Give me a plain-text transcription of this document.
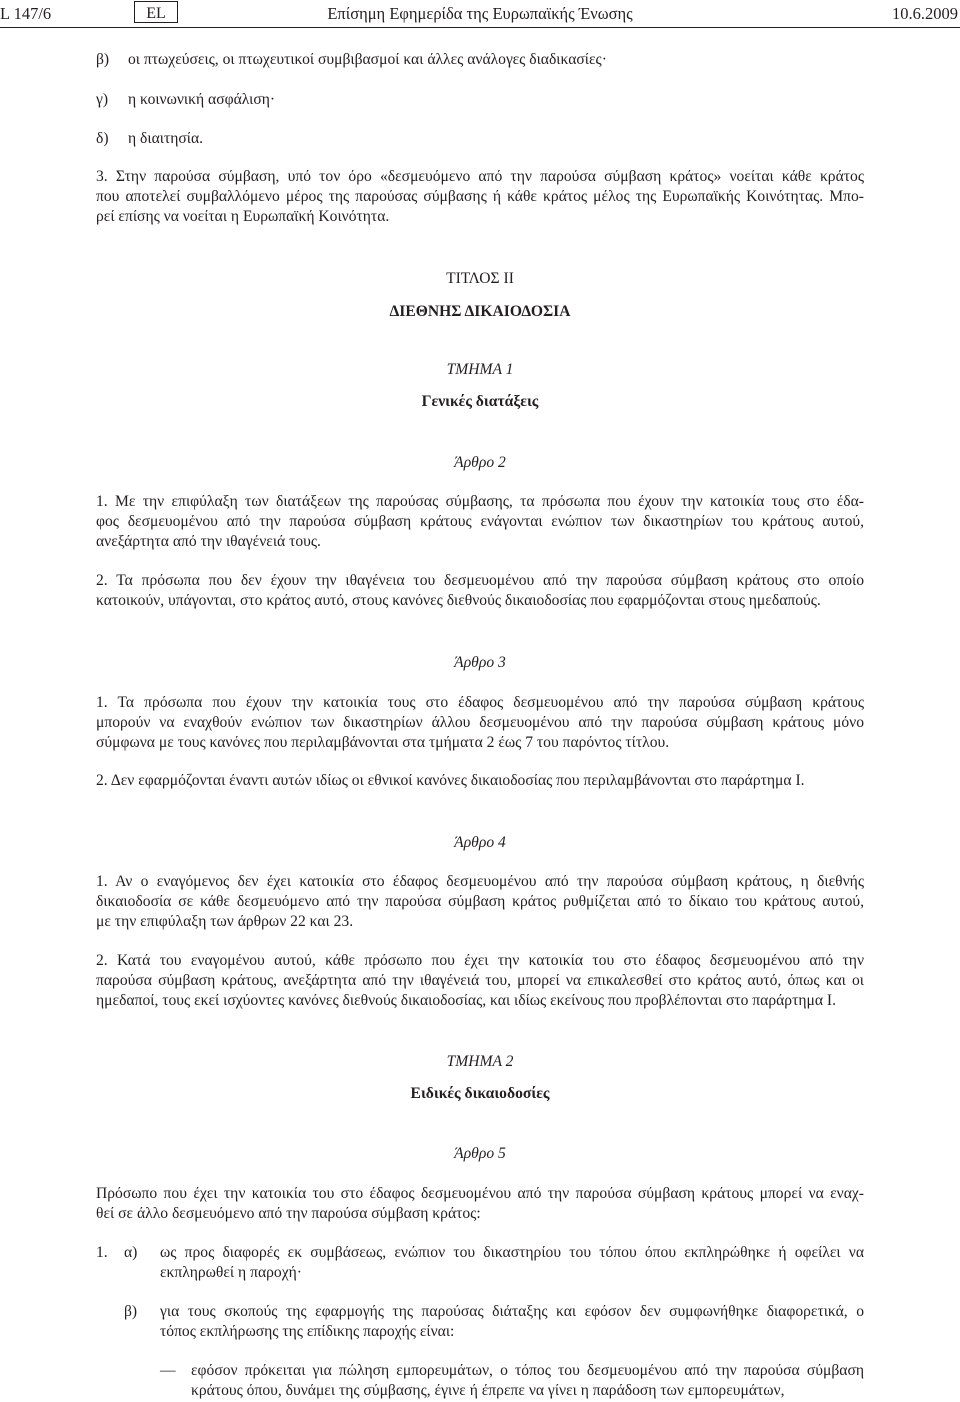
L 147/6	EL	Επίσημη Εφημερίδα της Ευρωπαϊκής Ένωσης	10.6.2009
β) οι πτωχεύσεις, οι πτωχευτικοί συμβιβασμοί και άλλες ανάλογες διαδικασίες·
γ) η κοινωνική ασφάλιση·
δ) η διαιτησία.
3. Στην παρούσα σύμβαση, υπό τον όρο «δεσμευόμενο από την παρούσα σύμβαση κράτος» νοείται κάθε κράτος
που αποτελεί συμβαλλόμενο μέρος της παρούσας σύμβασης ή κάθε κράτος μέλος της Ευρωπαϊκής Κοινότητας. Μπο-
ρεί επίσης να νοείται η Ευρωπαϊκή Κοινότητα.
ΤΙΤΛΟΣ II
ΔΙΕΘΝΗΣ ΔΙΚΑΙΟΔΟΣΙΑ
ΤΜΗΜΑ 1
Γενικές διατάξεις
Άρθρο 2
1. Με την επιφύλαξη των διατάξεων της παρούσας σύμβασης, τα πρόσωπα που έχουν την κατοικία τους στο έδα-
φος δεσμευομένου από την παρούσα σύμβαση κράτους ενάγονται ενώπιον των δικαστηρίων του κράτους αυτού,
ανεξάρτητα από την ιθαγένειά τους.
2. Τα πρόσωπα που δεν έχουν την ιθαγένεια του δεσμευομένου από την παρούσα σύμβαση κράτους στο οποίο
κατοικούν, υπάγονται, στο κράτος αυτό, στους κανόνες διεθνούς δικαιοδοσίας που εφαρμόζονται στους ημεδαπούς.
Άρθρο 3
1. Τα πρόσωπα που έχουν την κατοικία τους στο έδαφος δεσμευομένου από την παρούσα σύμβαση κράτους
μπορούν να εναχθούν ενώπιον των δικαστηρίων άλλου δεσμευομένου από την παρούσα σύμβαση κράτους μόνο
σύμφωνα με τους κανόνες που περιλαμβάνονται στα τμήματα 2 έως 7 του παρόντος τίτλου.
2. Δεν εφαρμόζονται έναντι αυτών ιδίως οι εθνικοί κανόνες δικαιοδοσίας που περιλαμβάνονται στο παράρτημα I.
Άρθρο 4
1. Αν ο εναγόμενος δεν έχει κατοικία στο έδαφος δεσμευομένου από την παρούσα σύμβαση κράτους, η διεθνής
δικαιοδοσία σε κάθε δεσμευόμενο από την παρούσα σύμβαση κράτος ρυθμίζεται από το δίκαιο του κράτους αυτού,
με την επιφύλαξη των άρθρων 22 και 23.
2. Κατά του εναγομένου αυτού, κάθε πρόσωπο που έχει την κατοικία του στο έδαφος δεσμευομένου από την
παρούσα σύμβαση κράτους, ανεξάρτητα από την ιθαγένειά του, μπορεί να επικαλεσθεί στο κράτος αυτό, όπως και οι
ημεδαποί, τους εκεί ισχύοντες κανόνες διεθνούς δικαιοδοσίας, και ιδίως εκείνους που προβλέπονται στο παράρτημα I.
ΤΜΗΜΑ 2
Ειδικές δικαιοδοσίες
Άρθρο 5
Πρόσωπο που έχει την κατοικία του στο έδαφος δεσμευομένου από την παρούσα σύμβαση κράτους μπορεί να εναχ-
θεί σε άλλο δεσμευόμενο από την παρούσα σύμβαση κράτος:
1. α) ως προς διαφορές εκ συμβάσεως, ενώπιον του δικαστηρίου του τόπου όπου εκπληρώθηκε ή οφείλει να
εκπληρωθεί η παροχή·
β) για τους σκοπούς της εφαρμογής της παρούσας διάταξης και εφόσον δεν συμφωνήθηκε διαφορετικά, ο
τόπος εκπλήρωσης της επίδικης παροχής είναι:
— εφόσον πρόκειται για πώληση εμπορευμάτων, ο τόπος του δεσμευομένου από την παρούσα σύμβαση
κράτους όπου, δυνάμει της σύμβασης, έγινε ή έπρεπε να γίνει η παράδοση των εμπορευμάτων,
